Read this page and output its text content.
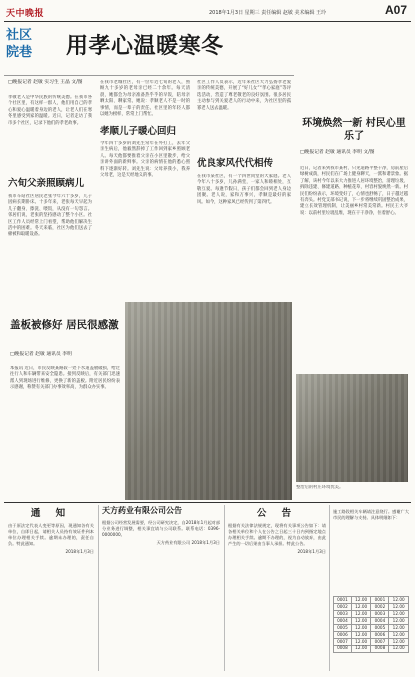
天中晚报	2018年1月3日 星期三 责任编辑 赵敏 美术编辑 王玲	A07
社区
院巷	用孝心温暖寒冬
□晚报记者 赵敏 实习生 王晶 文/图
孝敬老人是中华民族的传统美德。在我市各个社区里，有这样一群人，他们用自己的孝心和爱心温暖着身边的老人，让老人们在寒冬里感受到家的温暖。近日，记者走访了我市多个社区，记录下他们的孝老故事。
六旬父亲照顾病儿
我市车站社区居民老张今年六十多岁，儿子因病长期卧床。十多年来，老张每天早起为儿子翻身、擦洗、喂饭，从没有一句怨言。邻居们说，老张的坚持感动了整个小区。社区工作人员经常上门看望，帮助他们解决生活中的困难。冬天来临，社区为他们送去了棉被和取暖设备。
在我市老城社区，有一位年近七旬的老人，照顾九十多岁的老母亲已经二十余年。每天清晨，她都会为母亲准备热乎乎的早饭，陪母亲晒太阳、聊家常。她说：孝顺老人不是一时的事情，而是一辈子的责任。社区里的年轻人都以她为榜样，常常上门帮忙。
孝顺儿子暖心回归
今年四十多岁的刘先生常年在外打工，去年父亲生病后，他毅然辞掉了工作回到家乡照顾老人。每天他都要推着父亲在小区里散步，给父亲讲外面的新鲜事。父亲的病情在他的悉心照料下逐渐好转。刘先生说：父母养我小，我养父母老，这是天经地义的事。
社区工作人员表示，近年来社区大力弘扬孝老爱亲的传统美德，开展了“好儿女”“孝心家庭”等评选活动，营造了尊老敬老的良好氛围。很多居民主动参与到关爱老人的行动中来，为社区里的孤寡老人送去温暖。
优良家风代代相传
在我市某社区，有一个四世同堂的大家庭。老人今年八十多岁，儿孙满堂，一家人和睦相处，互敬互爱。每逢节假日，孩子们都会回到老人身边团聚。老人说，家和万事兴，孝顺是最好的家风。如今，这种家风已经传到了第四代。
整治后的村庄环境优美。
环境焕然一新 村民心里乐了
□晚报记者 赵敏 通讯员 李明 文/图
近日，记者来到我市某村，只见道路平整干净，房前屋后绿树成荫，村民们在广场上健身聊天，一派和谐景象。据了解，该村今年以来大力推进人居环境整治，清理垃圾、拆除违建、修建道路、种植花草，村容村貌焕然一新。村民们纷纷表示，环境变好了，心情也舒畅了，日子越过越有奔头。村党支部书记说，下一步将继续巩固整治成果，建立长效管理机制，让美丽乡村常美常新。村民王大爷说：以前村里垃圾乱堆，现在干干净净，住着舒心。
盖板被修好 居民很感激
□晚报记者 赵敏 通讯员 李明
本报讯 近日，市民反映某路段一处下水道盖板破损，给过往行人和车辆带来安全隐患。接到反映后，有关部门迅速派人到现场进行维修，更换了新的盖板。附近居民纷纷表示感谢，称赞有关部门办事效率高，为群众办实事。
通 知
由于原法定代表人变更等原因，现通知各有关单位，自即日起，请相关人员持有效证件到本单位办理相关手续。逾期未办理的，责任自负。特此通知。
2018年1月3日
天方药业有限公司公告
根据公司经营发展需要，经公司研究决定，自2018年1月起对部分业务进行调整，相关事宜请与公司联系。联系电话：0396-0000000。
天方药业有限公司 2018年1月3日
公 告
根据有关法律法规规定，现将有关事项公告如下：请各相关单位和个人在公告之日起三十日内到指定地点办理相关手续。逾期不办理的，视为自动放弃，由此产生的一切后果由当事人承担。特此公告。
2018年1月3日
施工路段相关车辆请注意绕行。感谢广大市民的理解与支持。具体明细如下：
0001	12.00	0001	12.00
0002	12.00	0002	12.00
0003	12.00	0003	12.00
0004	12.00	0004	12.00
0005	12.00	0005	12.00
0006	12.00	0006	12.00
0007	12.00	0007	12.00
0008	12.00	0008	12.00
